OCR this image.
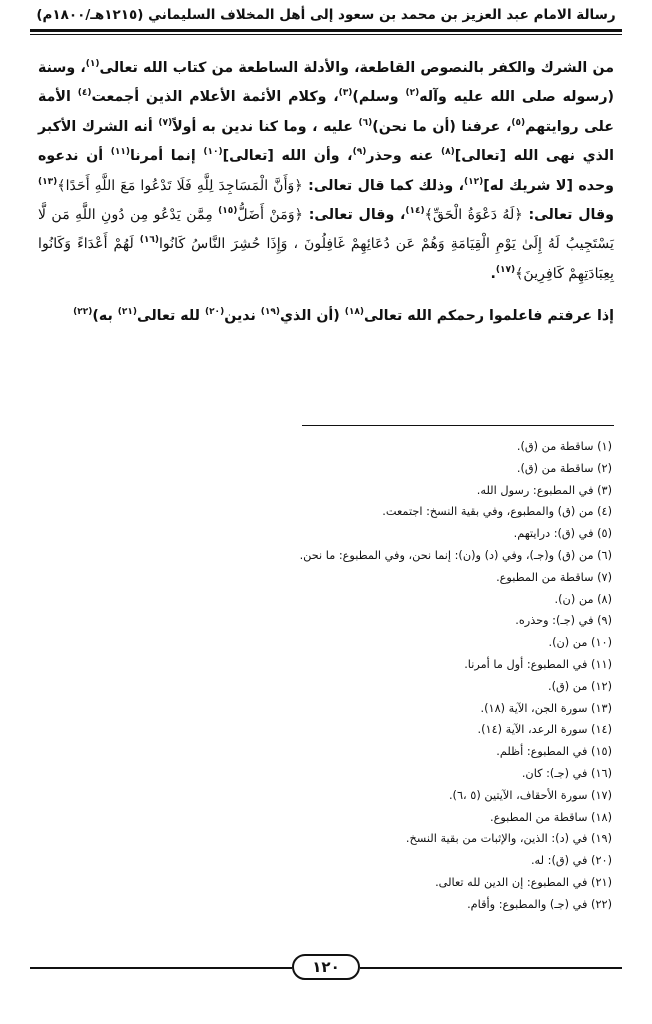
رسالة الامام عبد العزيز بن محمد بن سعود إلى أهل المخلاف السليماني (١٢١٥هـ/١٨٠٠م)

من الشرك والكفر بالنصوص القاطعة، والأدلة الساطعة من كتاب الله تعالى$^{(١)}$، وسنة (رسوله صلى الله عليه وآله$^{(٢)}$ وسلم)$^{(٣)}$، وكلام الأئمة الأعلام الذين أجمعت$^{(٤)}$ الأمة على روايتهم$^{(٥)}$، عرفنا (أن ما نحن)$^{(٦)}$ عليه ، وما كنا ندين به أولاً$^{(٧)}$ أنه الشرك الأكبر الذي نهى الله [تعالى]$^{(٨)}$ عنه وحذر$^{(٩)}$، وأن الله [تعالى]$^{(١٠)}$ إنما أمرنا$^{(١١)}$ أن ندعوه وحده [لا شريك له]$^{(١٢)}$، وذلك كما قال تعالى: ﴿وَأَنَّ الْمَسَاجِدَ لِلَّهِ فَلَا تَدْعُوا مَعَ اللَّهِ أَحَدًا﴾$^{(١٣)}$ وقال تعالى: ﴿لَهُ دَعْوَةُ الْحَقِّ﴾$^{(١٤)}$، وقال تعالى: ﴿وَمَنْ أَضَلُّ$^{(١٥)}$ مِمَّن يَدْعُو مِن دُونِ اللَّهِ مَن لَّا يَسْتَجِيبُ لَهُ إِلَىٰ يَوْمِ الْقِيَامَةِ وَهُمْ عَن دُعَائِهِمْ غَافِلُونَ ، وَإِذَا حُشِرَ النَّاسُ كَانُوا$^{(١٦)}$ لَهُمْ أَعْدَاءً وَكَانُوا بِعِبَادَتِهِمْ كَافِرِينَ﴾$^{(١٧)}$.

إذا عرفتم فاعلموا رحمكم الله تعالى$^{(١٨)}$ (أن الذي$^{(١٩)}$ ندين$^{(٢٠)}$ لله تعالى$^{(٢١)}$ به)$^{(٢٢)}$

(١) ساقطة من (ق).
(٢) ساقطة من (ق).
(٣) في المطبوع: رسول الله.
(٤) من (ق) والمطبوع، وفي بقية النسخ: اجتمعت.
(٥) في (ق): درايتهم.
(٦) من (ق) و(جـ)، وفي (د) و(ن): إنما نحن، وفي المطبوع: ما نحن.
(٧) ساقطة من المطبوع.
(٨) من (ن).
(٩) في (جـ): وحذره.
(١٠) من (ن).
(١١) في المطبوع: أول ما أمرنا.
(١٢) من (ق).
(١٣) سورة الجن، الآية (١٨).
(١٤) سورة الرعد، الآية (١٤).
(١٥) في المطبوع: أظلم.
(١٦) في (جـ): كان.
(١٧) سورة الأحقاف، الآيتين (٥ ،٦).
(١٨) ساقطة من المطبوع.
(١٩) في (د): الذين، والإثبات من بقية النسخ.
(٢٠) في (ق): له.
(٢١) في المطبوع: إن الدين لله تعالى.
(٢٢) في (جـ) والمطبوع: وأقام.
١٢٠
